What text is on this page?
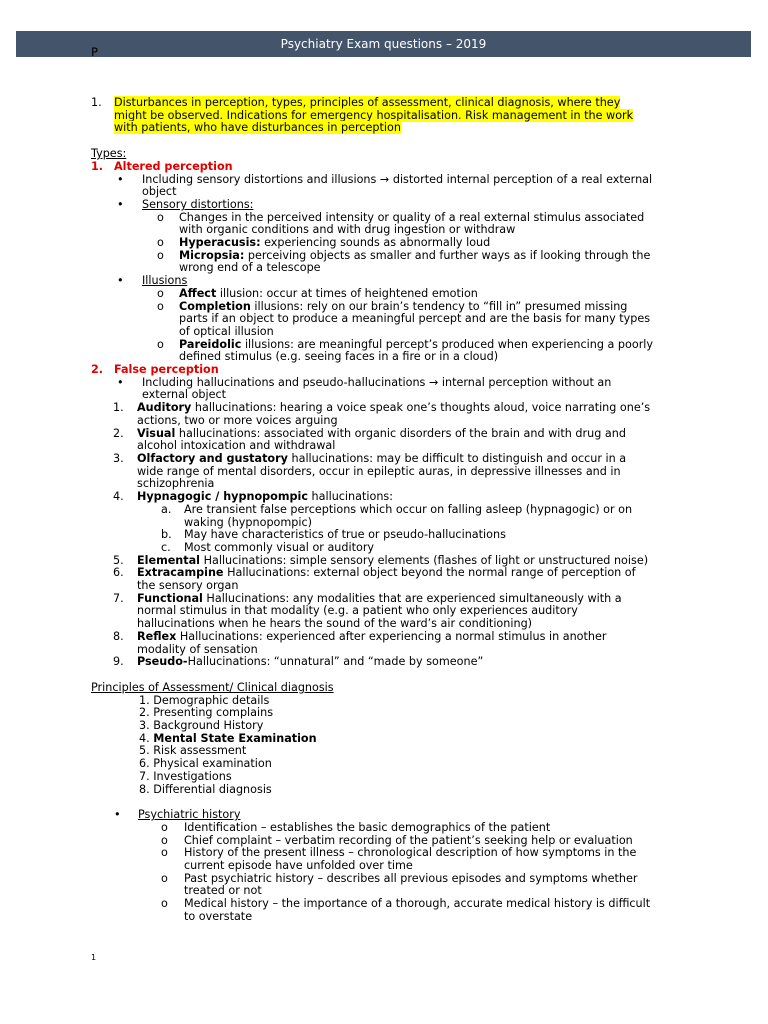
Psychiatry Exam questions – 2019
P
1. Disturbances in perception, types, principles of assessment, clinical diagnosis, where they
might be observed. Indications for emergency hospitalisation. Risk management in the work
with patients, who have disturbances in perception
Types:
1. Altered perception
• Including sensory distortions and illusions → distorted internal perception of a real external
object
• Sensory distortions:
o Changes in the perceived intensity or quality of a real external stimulus associated
with organic conditions and with drug ingestion or withdraw
o Hyperacusis: experiencing sounds as abnormally loud
o Micropsia: perceiving objects as smaller and further ways as if looking through the
wrong end of a telescope
• Illusions
o Affect illusion: occur at times of heightened emotion
o Completion illusions: rely on our brain’s tendency to “fill in” presumed missing
parts if an object to produce a meaningful percept and are the basis for many types
of optical illusion
o Pareidolic illusions: are meaningful percept’s produced when experiencing a poorly
defined stimulus (e.g. seeing faces in a fire or in a cloud)
2. False perception
• Including hallucinations and pseudo-hallucinations → internal perception without an
external object
1. Auditory hallucinations: hearing a voice speak one’s thoughts aloud, voice narrating one’s
actions, two or more voices arguing
2. Visual hallucinations: associated with organic disorders of the brain and with drug and
alcohol intoxication and withdrawal
3. Olfactory and gustatory hallucinations: may be difficult to distinguish and occur in a
wide range of mental disorders, occur in epileptic auras, in depressive illnesses and in
schizophrenia
4. Hypnagogic / hypnopompic hallucinations:
a. Are transient false perceptions which occur on falling asleep (hypnagogic) or on
waking (hypnopompic)
b. May have characteristics of true or pseudo-hallucinations
c. Most commonly visual or auditory
5. Elemental Hallucinations: simple sensory elements (flashes of light or unstructured noise)
6. Extracampine Hallucinations: external object beyond the normal range of perception of
the sensory organ
7. Functional Hallucinations: any modalities that are experienced simultaneously with a
normal stimulus in that modality (e.g. a patient who only experiences auditory
hallucinations when he hears the sound of the ward’s air conditioning)
8. Reflex Hallucinations: experienced after experiencing a normal stimulus in another
modality of sensation
9. Pseudo-Hallucinations: “unnatural” and “made by someone”
Principles of Assessment/ Clinical diagnosis
1. Demographic details
2. Presenting complains
3. Background History
4. Mental State Examination
5. Risk assessment
6. Physical examination
7. Investigations
8. Differential diagnosis
• Psychiatric history
o Identification – establishes the basic demographics of the patient
o Chief complaint – verbatim recording of the patient’s seeking help or evaluation
o History of the present illness – chronological description of how symptoms in the
current episode have unfolded over time
o Past psychiatric history – describes all previous episodes and symptoms whether
treated or not
o Medical history – the importance of a thorough, accurate medical history is difficult
to overstate
1
